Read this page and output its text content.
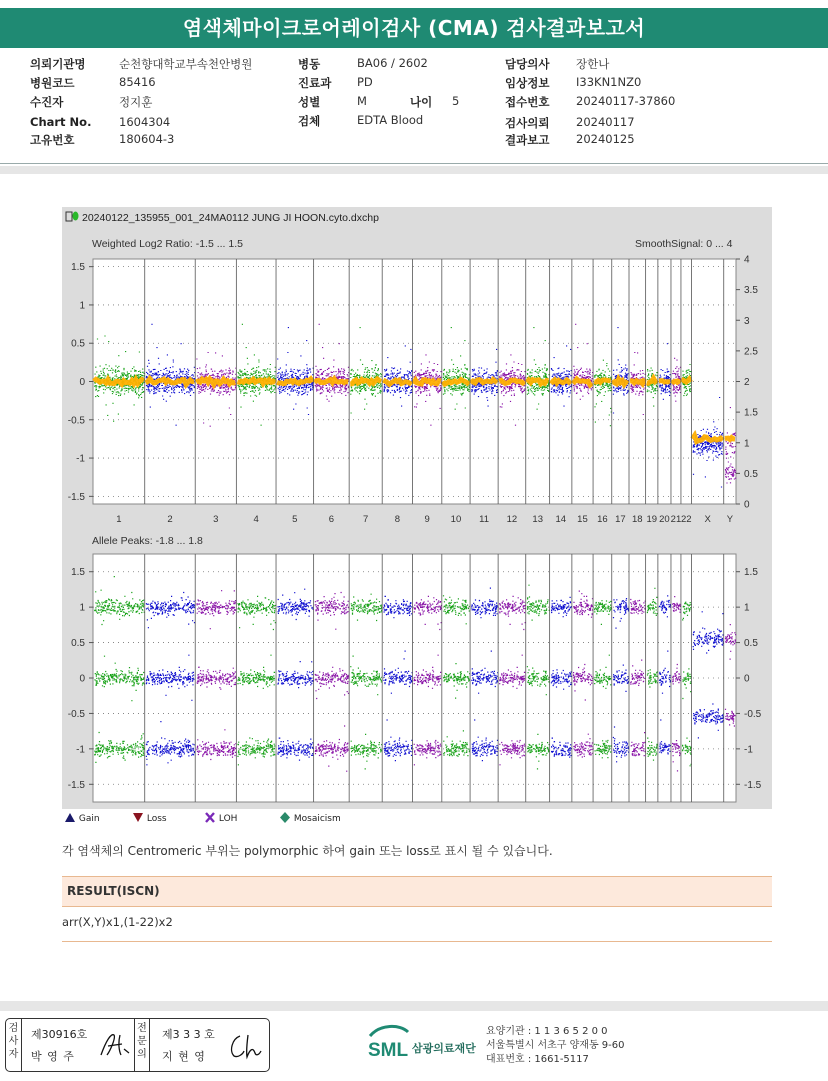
염색체마이크로어레이검사 (CMA) 검사결과보고서
의뢰기관명	순천향대학교부속천안병원
병원코드	85416
수진자	정지훈
Chart No. 1604304
고유번호	180604-3
병동	BA06 / 2602
진료과 PD
성별	M	나이 5
검체	EDTA Blood
담당의사 장한나
임상정보 I33KN1NZ0
접수번호 20240117-37860
검사의뢰 20240117
결과보고 20240125
20240122_135955_001_24MA0112 JUNG JI HOON.cyto.dxchp
Weighted Log2 Ratio: -1.5 ... 1.5	SmoothSignal: 0 ... 4
Allele Peaks: -1.8 ... 1.8
1	2	3	4	5	6	7	8	9 10 11 12 13 14 15 16 17 18 19 20 21 22 X Y
1.5
1
0.5
0
-0.5
-1
-1.5
4
3.5
3
2.5
2
1.5
1
0.5
0
1.5
1
0.5
0
-0.5
-1
-1.5
1.5
1
0.5
0
-0.5
-1
-1.5
Gain	Loss	LOH	Mosaicism
각 염색체의 Centromeric 부위는 polymorphic 하여 gain 또는 loss로 표시 될 수 있습니다.
RESULT(ISCN)
arr(X,Y)x1,(1-22)x2
검
사
자
제30916호
박 영 주
전
문
의
제3 3 3 호
지 현 영	SML 삼광의료재단
요양기관 : 1 1 3 6 5 2 0 0
서울특별시 서초구 양재동 9-60
대표번호 : 1661-5117
